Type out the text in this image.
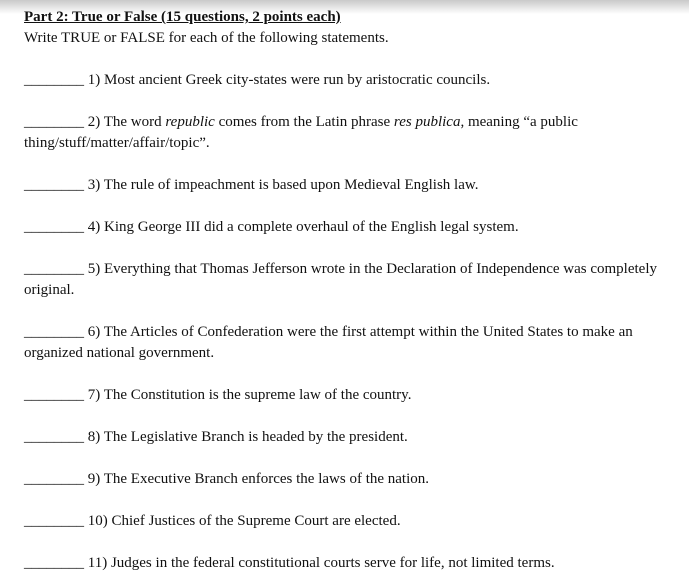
Part 2: True or False (15 questions, 2 points each)
Write TRUE or FALSE for each of the following statements.
________ 1) Most ancient Greek city-states were run by aristocratic councils.
________ 2) The word republic comes from the Latin phrase res publica, meaning “a public thing/stuff/matter/affair/topic”.
________ 3) The rule of impeachment is based upon Medieval English law.
________ 4) King George III did a complete overhaul of the English legal system.
________ 5) Everything that Thomas Jefferson wrote in the Declaration of Independence was completely original.
________ 6) The Articles of Confederation were the first attempt within the United States to make an organized national government.
________ 7) The Constitution is the supreme law of the country.
________ 8) The Legislative Branch is headed by the president.
________ 9) The Executive Branch enforces the laws of the nation.
________ 10) Chief Justices of the Supreme Court are elected.
________ 11) Judges in the federal constitutional courts serve for life, not limited terms.
